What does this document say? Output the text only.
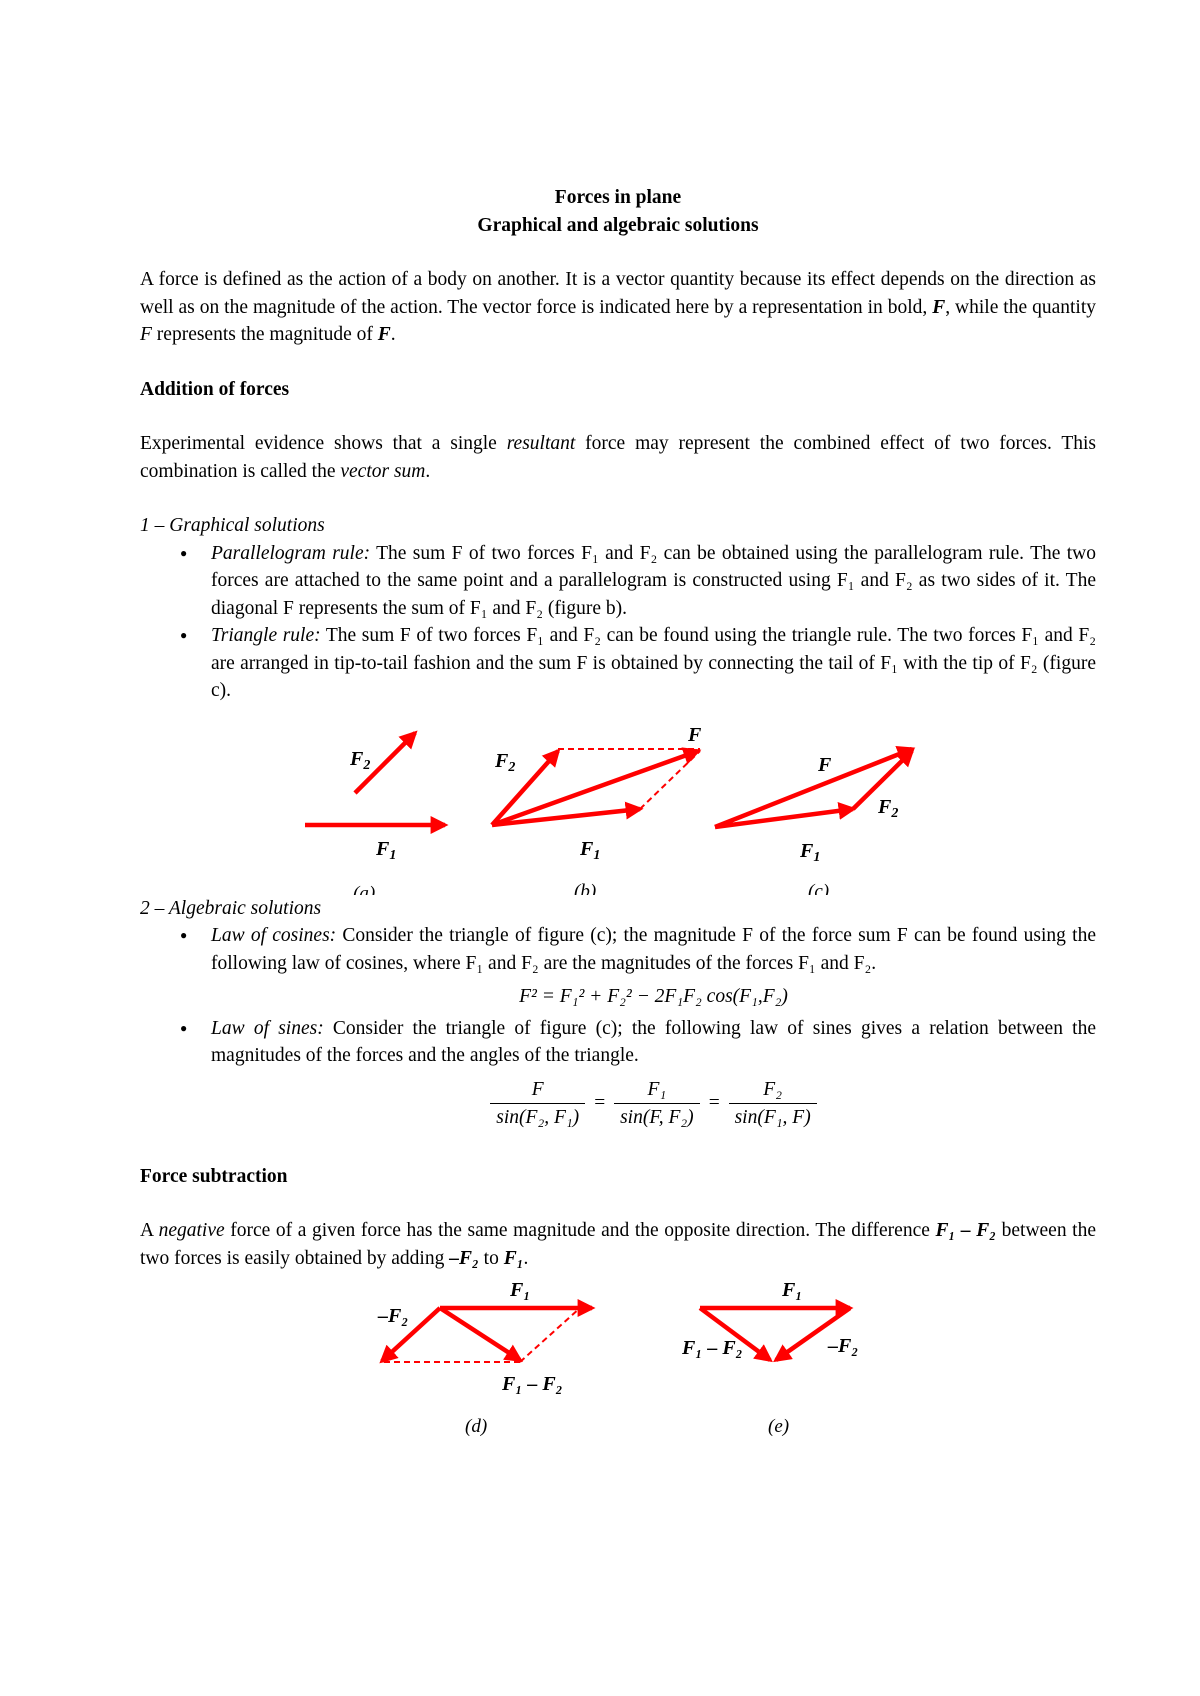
Forces in plane
Graphical and algebraic solutions

A force is defined as the action of a body on another. It is a vector quantity because its effect depends on the direction as well as on the magnitude of the action. The vector force is indicated here by a representation in bold, F, while the quantity F represents the magnitude of F.

Addition of forces

Experimental evidence shows that a single resultant force may represent the combined effect of two forces. This combination is called the vector sum.

1 – Graphical solutions
● Parallelogram rule: The sum F of two forces F₁ and F₂ can be obtained using the parallelogram rule. The two forces are attached to the same point and a parallelogram is constructed using F₁ and F₂ as two sides of it. The diagonal F represents the sum of F₁ and F₂ (figure b).
● Triangle rule: The sum F of two forces F₁ and F₂ can be found using the triangle rule. The two forces F₁ and F₂ are arranged in tip-to-tail fashion and the sum F is obtained by connecting the tail of F₁ with the tip of F₂ (figure c).
$F_2$
$F_1$
$F_2$
F
$F_1$
F
$F_2$
$F_1$
(a)	(b)	(c)
2 – Algebraic solutions
● Law of cosines: Consider the triangle of figure (c); the magnitude F of the force sum F can be found using the following law of cosines, where F₁ and F₂ are the magnitudes of the forces F₁ and F₂.
F² = F₁² + F₂² − 2F₁F₂ cos(F₁,F₂)
● Law of sines: Consider the triangle of figure (c); the following law of sines gives a relation between the magnitudes of the forces and the angles of the triangle.
$\frac{F}{\text{sin(F₂, F₁)}} = \frac{\text{F₁}}{\text{sin(F, F₂)}} = \frac{\text{F₂}}{\text{sin(F₁, F)}}$
Force subtraction

A negative force of a given force has the same magnitude and the opposite direction. The difference F₁ – F₂ between the two forces is easily obtained by adding –F₂ to F₁.

F₁
–F₂
F₁ – F₂
F₁
F₁ – F₂	–F₂
(d)	(e)
